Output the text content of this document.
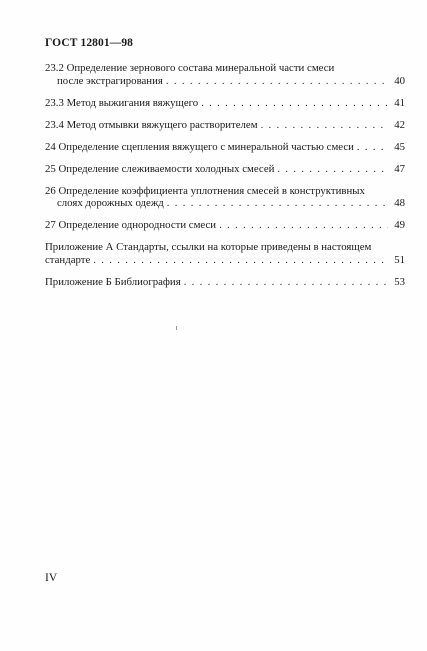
ГОСТ 12801—98
23.2 Определение зернового состава минеральной части смеси
после экстрагирования . . .	40
23.3 Метод выжигания вяжущего . . .	41
23.4 Метод отмывки вяжущего растворителем . . .	42
24 Определение сцепления вяжущего с минеральной частью смеси . . .	45
25 Определение слеживаемости холодных смесей . . .	47
26 Определение коэффициента уплотнения смесей в конструктивных
слоях дорожных одежд . . .	48
27 Определение однородности смеси . . .	49
Приложение А Стандарты, ссылки на которые приведены в настоящем
стандарте . . .	51
Приложение Б Библиография . . .	53
IV
